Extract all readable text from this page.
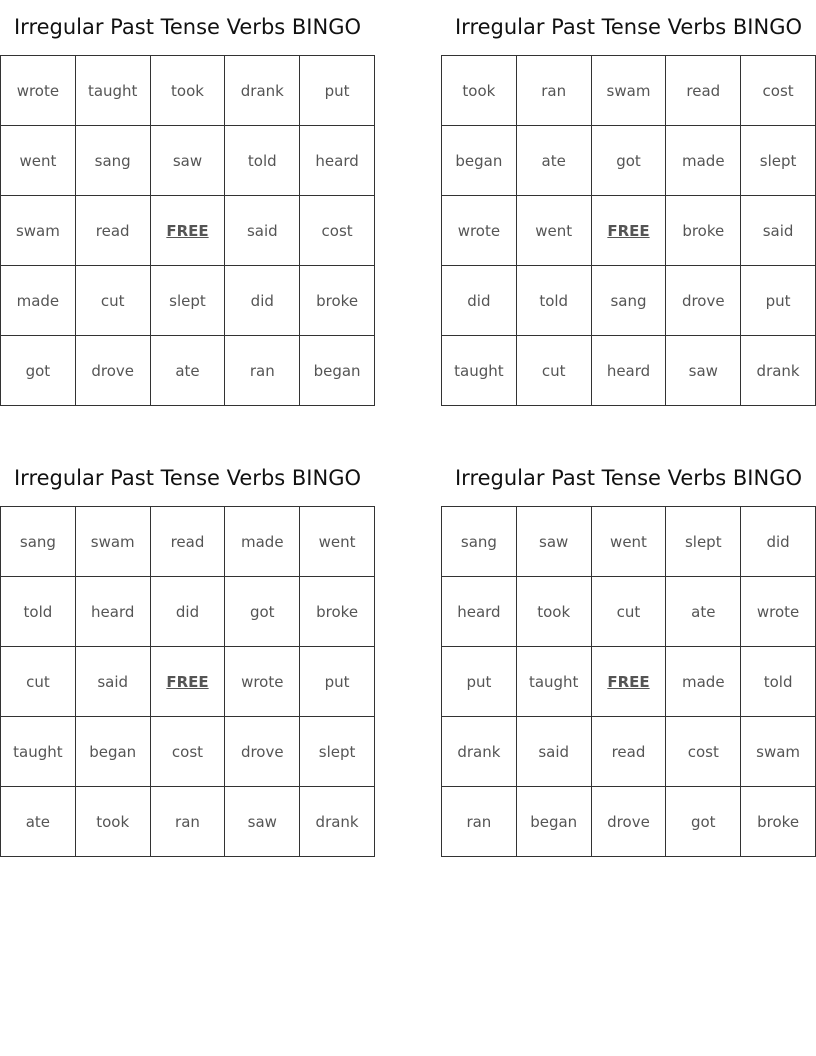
Irregular Past Tense Verbs BINGO
wrote	taught	took	drank	put
went	sang	saw	told	heard
swam	read	FREE	said	cost
made	cut	slept	did	broke
got	drove	ate	ran	began
Irregular Past Tense Verbs BINGO
took	ran	swam	read	cost
began	ate	got	made	slept
wrote	went	FREE	broke	said
did	told	sang	drove	put
taught	cut	heard	saw	drank
Irregular Past Tense Verbs BINGO
sang	swam	read	made	went
told	heard	did	got	broke
cut	said	FREE	wrote	put
taught	began	cost	drove	slept
ate	took	ran	saw	drank
Irregular Past Tense Verbs BINGO
sang	saw	went	slept	did
heard	took	cut	ate	wrote
put	taught	FREE	made	told
drank	said	read	cost	swam
ran	began	drove	got	broke
